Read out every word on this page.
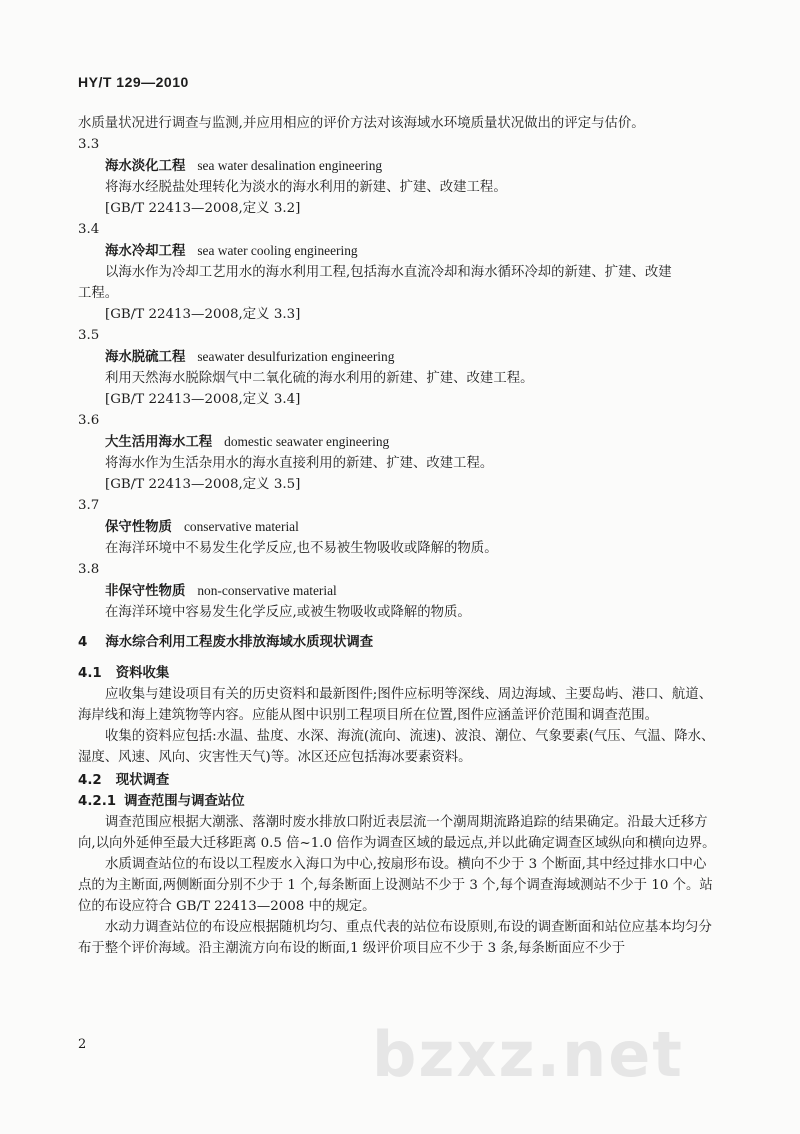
HY/T 129—2010

水质量状况进行调查与监测,并应用相应的评价方法对该海域水环境质量状况做出的评定与估价。

3.3

海水淡化工程 sea water desalination engineering

将海水经脱盐处理转化为淡水的海水利用的新建、扩建、改建工程。

[GB/T 22413—2008,定义 3.2]

3.4

海水冷却工程 sea water cooling engineering

以海水作为冷却工艺用水的海水利用工程,包括海水直流冷却和海水循环冷却的新建、扩建、改建

工程。

[GB/T 22413—2008,定义 3.3]

3.5

海水脱硫工程 seawater desulfurization engineering

利用天然海水脱除烟气中二氧化硫的海水利用的新建、扩建、改建工程。

[GB/T 22413—2008,定义 3.4]

3.6

大生活用海水工程 domestic seawater engineering

将海水作为生活杂用水的海水直接利用的新建、扩建、改建工程。

[GB/T 22413—2008,定义 3.5]

3.7

保守性物质 conservative material

在海洋环境中不易发生化学反应,也不易被生物吸收或降解的物质。

3.8

非保守性物质 non-conservative material

在海洋环境中容易发生化学反应,或被生物吸收或降解的物质。

4 海水综合利用工程废水排放海域水质现状调查

4.1 资料收集

应收集与建设项目有关的历史资料和最新图件;图件应标明等深线、周边海域、主要岛屿、港口、航道、海岸线和海上建筑物等内容。应能从图中识别工程项目所在位置,图件应涵盖评价范围和调查范围。

收集的资料应包括:水温、盐度、水深、海流(流向、流速)、波浪、潮位、气象要素(气压、气温、降水、湿度、风速、风向、灾害性天气)等。冰区还应包括海冰要素资料。

4.2 现状调查

4.2.1 调查范围与调查站位

调查范围应根据大潮涨、落潮时废水排放口附近表层流一个潮周期流路追踪的结果确定。沿最大迁移方向,以向外延伸至最大迁移距离 0.5 倍~1.0 倍作为调查区域的最远点,并以此确定调查区域纵向和横向边界。

水质调查站位的布设以工程废水入海口为中心,按扇形布设。横向不少于 3 个断面,其中经过排水口中心点的为主断面,两侧断面分别不少于 1 个,每条断面上设测站不少于 3 个,每个调查海域测站不少于 10 个。站位的布设应符合 GB/T 22413—2008 中的规定。

水动力调查站位的布设应根据随机均匀、重点代表的站位布设原则,布设的调查断面和站位应基本均匀分布于整个评价海域。沿主潮流方向布设的断面,1 级评价项目应不少于 3 条,每条断面应不少于

2	bzxz.net
